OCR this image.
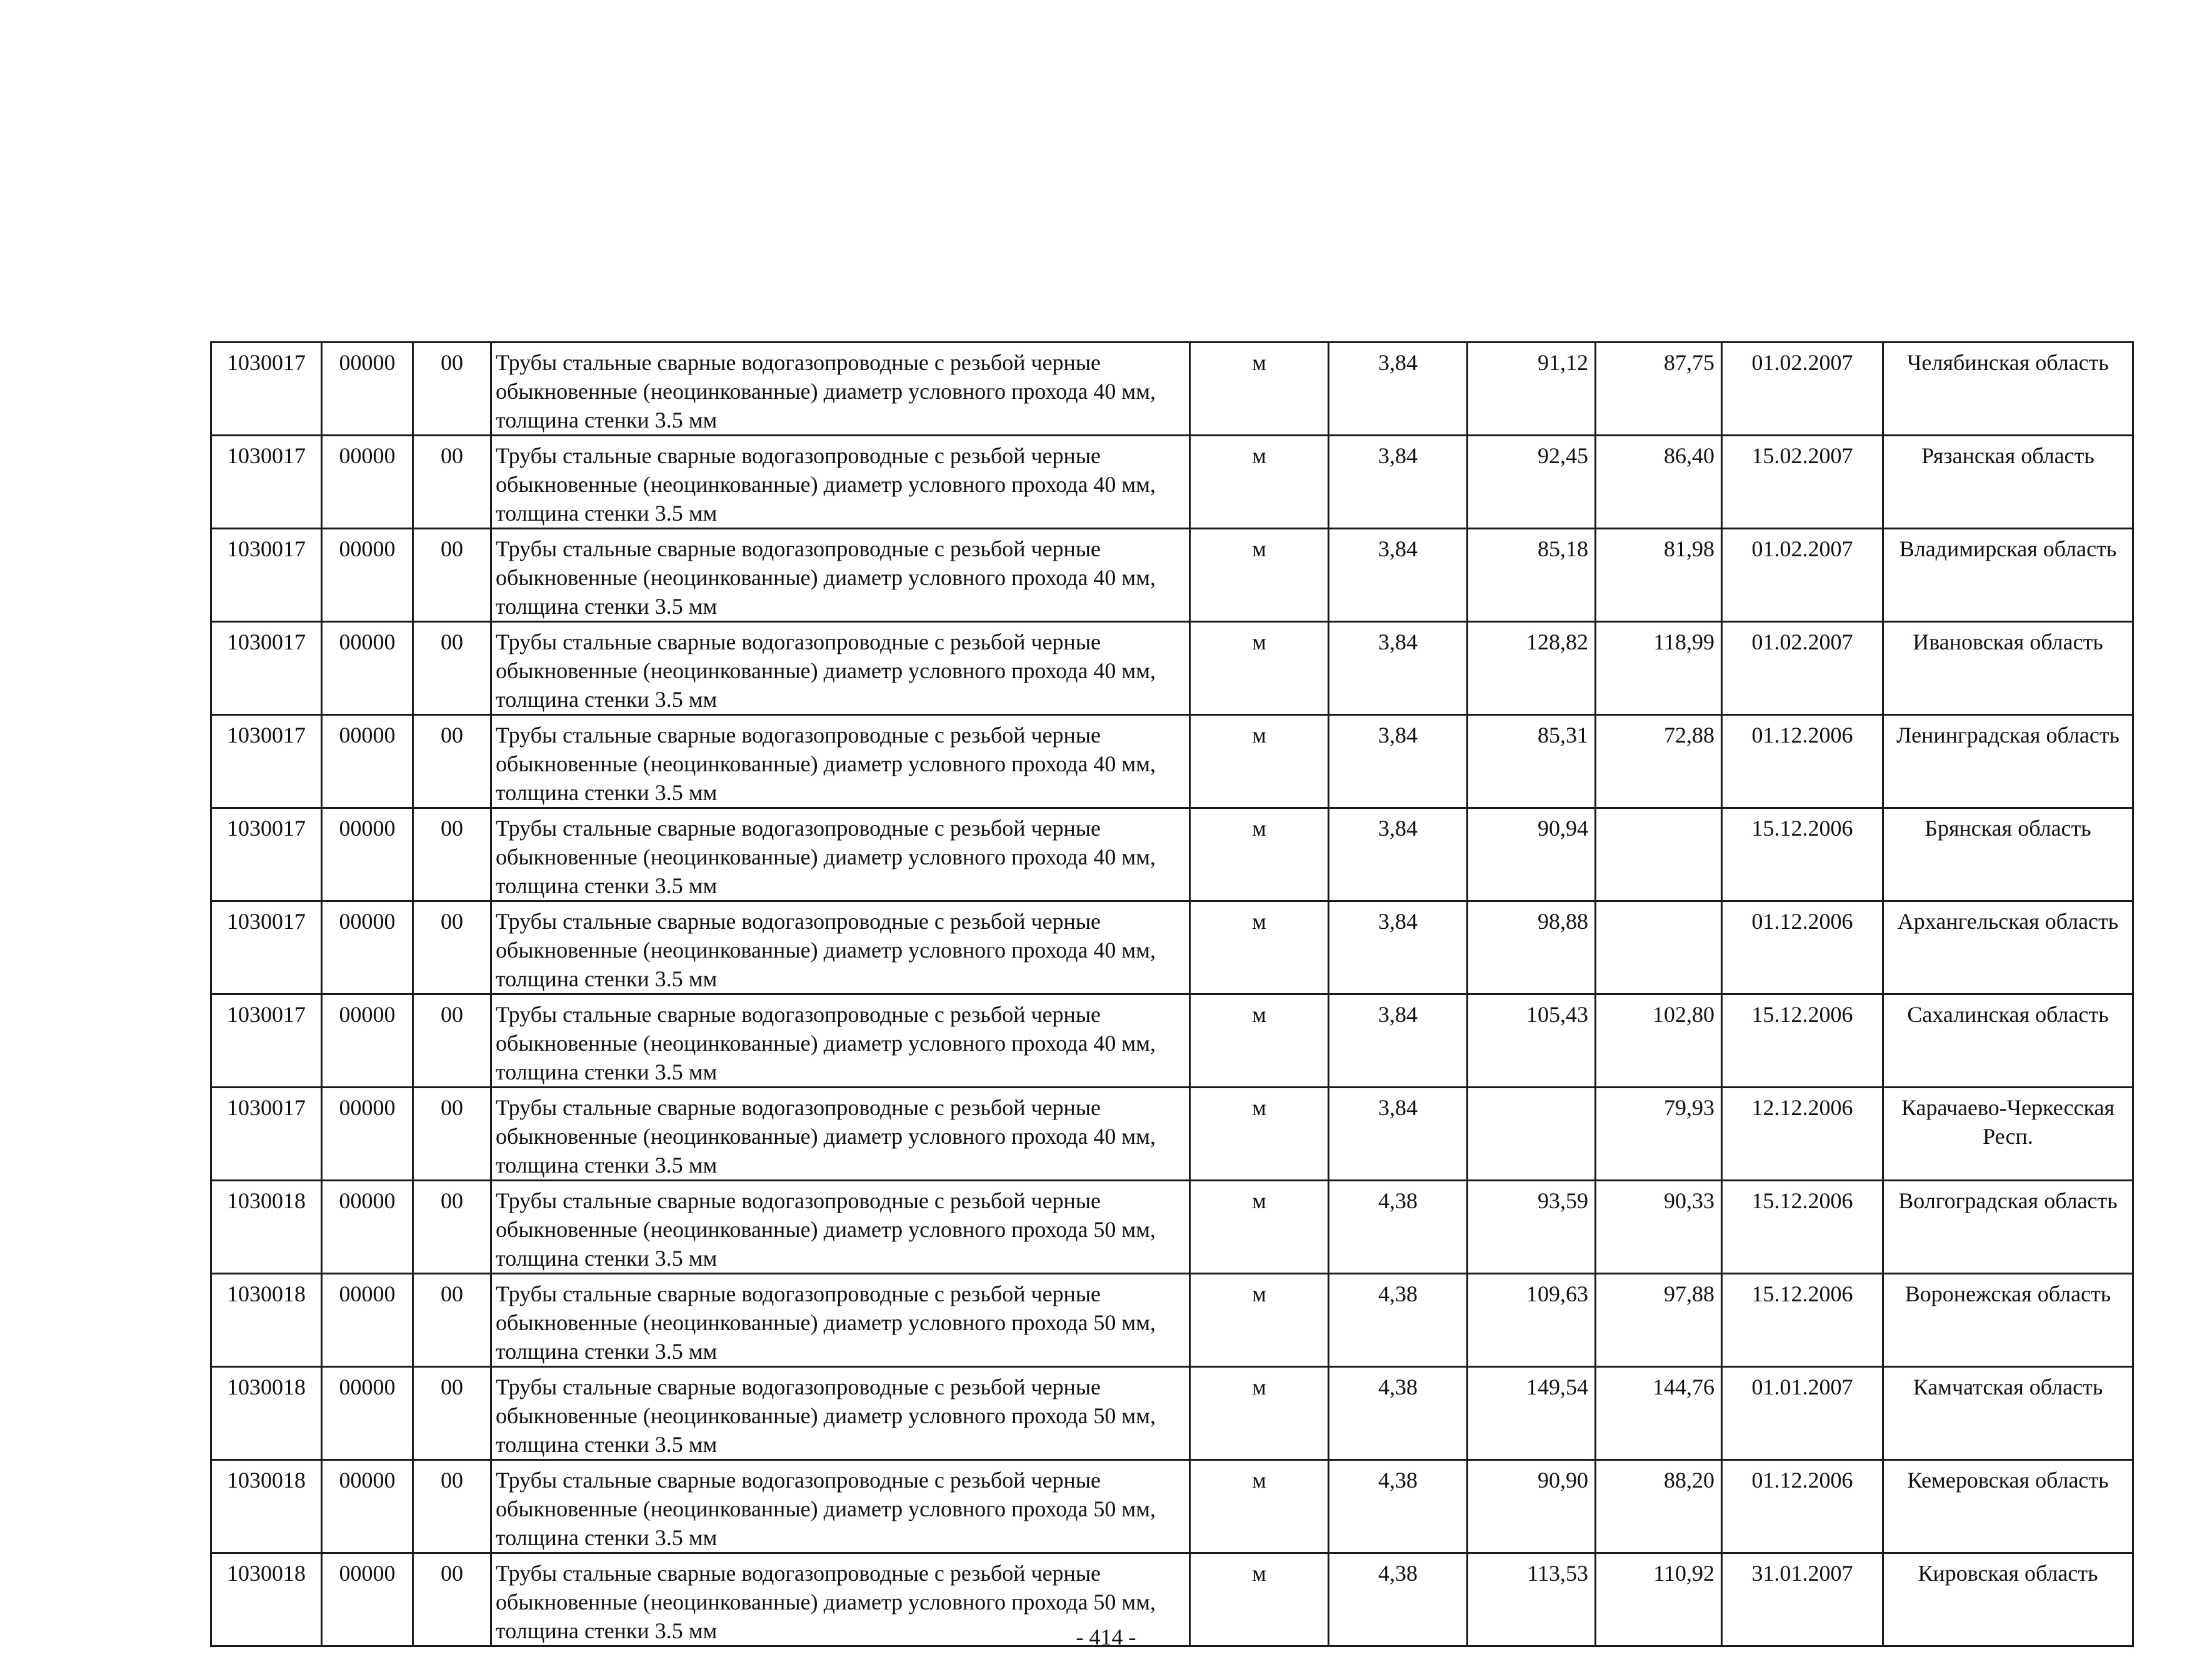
1030017	00000	00	Трубы стальные сварные водогазопроводные с резьбой черные обыкновенные (неоцинкованные) диаметр условного прохода 40 мм, толщина стенки 3.5 мм	м	3,84	91,12	87,75	01.02.2007	Челябинская область
1030017	00000	00	Трубы стальные сварные водогазопроводные с резьбой черные обыкновенные (неоцинкованные) диаметр условного прохода 40 мм, толщина стенки 3.5 мм	м	3,84	92,45	86,40	15.02.2007	Рязанская область
1030017	00000	00	Трубы стальные сварные водогазопроводные с резьбой черные обыкновенные (неоцинкованные) диаметр условного прохода 40 мм, толщина стенки 3.5 мм	м	3,84	85,18	81,98	01.02.2007	Владимирская область
1030017	00000	00	Трубы стальные сварные водогазопроводные с резьбой черные обыкновенные (неоцинкованные) диаметр условного прохода 40 мм, толщина стенки 3.5 мм	м	3,84	128,82	118,99	01.02.2007	Ивановская область
1030017	00000	00	Трубы стальные сварные водогазопроводные с резьбой черные обыкновенные (неоцинкованные) диаметр условного прохода 40 мм, толщина стенки 3.5 мм	м	3,84	85,31	72,88	01.12.2006	Ленинградская область
1030017	00000	00	Трубы стальные сварные водогазопроводные с резьбой черные обыкновенные (неоцинкованные) диаметр условного прохода 40 мм, толщина стенки 3.5 мм	м	3,84	90,94		15.12.2006	Брянская область
1030017	00000	00	Трубы стальные сварные водогазопроводные с резьбой черные обыкновенные (неоцинкованные) диаметр условного прохода 40 мм, толщина стенки 3.5 мм	м	3,84	98,88		01.12.2006	Архангельская область
1030017	00000	00	Трубы стальные сварные водогазопроводные с резьбой черные обыкновенные (неоцинкованные) диаметр условного прохода 40 мм, толщина стенки 3.5 мм	м	3,84	105,43	102,80	15.12.2006	Сахалинская область
1030017	00000	00	Трубы стальные сварные водогазопроводные с резьбой черные обыкновенные (неоцинкованные) диаметр условного прохода 40 мм, толщина стенки 3.5 мм	м	3,84		79,93	12.12.2006	Карачаево-Черкесская Респ.
1030018	00000	00	Трубы стальные сварные водогазопроводные с резьбой черные обыкновенные (неоцинкованные) диаметр условного прохода 50 мм, толщина стенки 3.5 мм	м	4,38	93,59	90,33	15.12.2006	Волгоградская область
1030018	00000	00	Трубы стальные сварные водогазопроводные с резьбой черные обыкновенные (неоцинкованные) диаметр условного прохода 50 мм, толщина стенки 3.5 мм	м	4,38	109,63	97,88	15.12.2006	Воронежская область
1030018	00000	00	Трубы стальные сварные водогазопроводные с резьбой черные обыкновенные (неоцинкованные) диаметр условного прохода 50 мм, толщина стенки 3.5 мм	м	4,38	149,54	144,76	01.01.2007	Камчатская область
1030018	00000	00	Трубы стальные сварные водогазопроводные с резьбой черные обыкновенные (неоцинкованные) диаметр условного прохода 50 мм, толщина стенки 3.5 мм	м	4,38	90,90	88,20	01.12.2006	Кемеровская область
1030018	00000	00	Трубы стальные сварные водогазопроводные с резьбой черные обыкновенные (неоцинкованные) диаметр условного прохода 50 мм, толщина стенки 3.5 мм	м	4,38	113,53	110,92	31.01.2007	Кировская область
- 414 -
